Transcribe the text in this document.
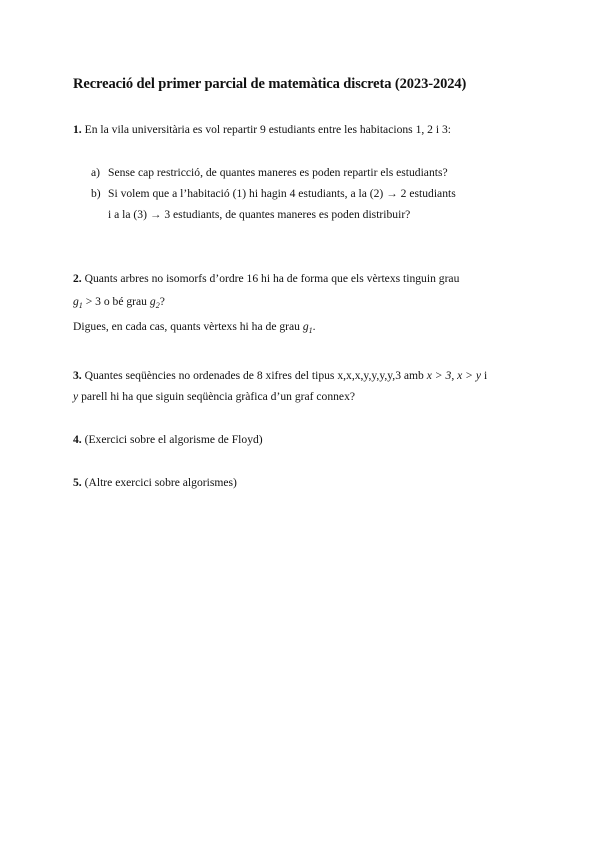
Recreació del primer parcial de matemàtica discreta (2023-2024)
1. En la vila universitària es vol repartir 9 estudiants entre les habitacions 1, 2 i 3:
a) Sense cap restricció, de quantes maneres es poden repartir els estudiants?
b) Si volem que a l’habitació (1) hi hagin 4 estudiants, a la (2) → 2 estudiants
i a la (3) → 3 estudiants, de quantes maneres es poden distribuir?
2. Quants arbres no isomorfs d’ordre 16 hi ha de forma que els vèrtexs tinguin grau
$g_1 > 3$ o bé grau $g_2$?
Digues, en cada cas, quants vèrtexs hi ha de grau $g_1$.
3. Quantes seqüències no ordenades de 8 xifres del tipus x,x,x,y,y,y,y,3 amb x > 3, x > y i
y parell hi ha que siguin seqüència gràfica d’un graf connex?
4. (Exercici sobre el algorisme de Floyd)
5. (Altre exercici sobre algorismes)
